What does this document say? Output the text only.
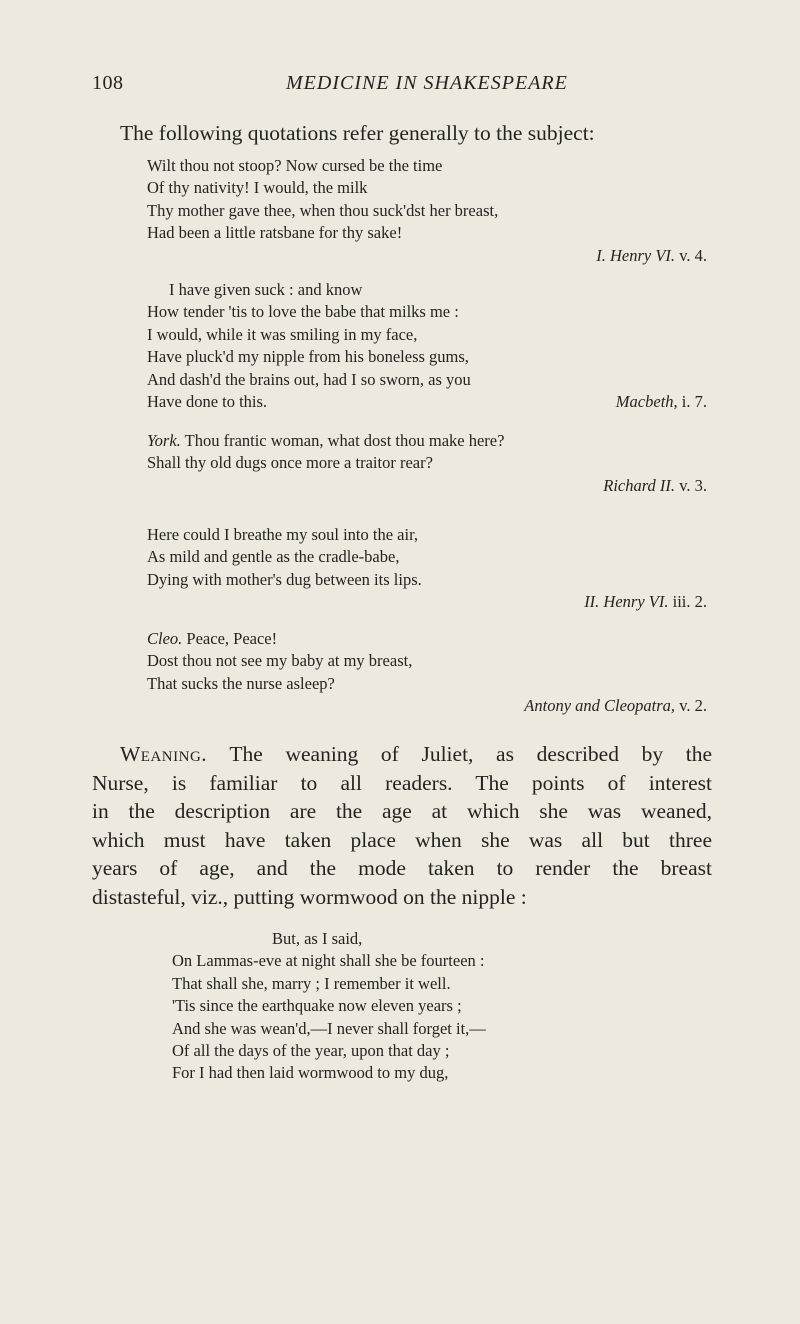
108	MEDICINE IN SHAKESPEARE
The following quotations refer generally to the subject:
Wilt thou not stoop? Now cursed be the time
Of thy nativity! I would, the milk
Thy mother gave thee, when thou suck'dst her breast,
Had been a little ratsbane for thy sake!
I. Henry VI. v. 4.
I have given suck : and know
How tender 'tis to love the babe that milks me :
I would, while it was smiling in my face,
Have pluck'd my nipple from his boneless gums,
And dash'd the brains out, had I so sworn, as you
Have done to this.	Macbeth, i. 7.
York. Thou frantic woman, what dost thou make here?
Shall thy old dugs once more a traitor rear?
Richard II. v. 3.
Here could I breathe my soul into the air,
As mild and gentle as the cradle-babe,
Dying with mother's dug between its lips.
II. Henry VI. iii. 2.
Cleo. Peace, Peace!
Dost thou not see my baby at my breast,
That sucks the nurse asleep?
Antony and Cleopatra, v. 2.
Weaning. The weaning of Juliet, as described by the
Nurse, is familiar to all readers. The points of interest
in the description are the age at which she was weaned,
which must have taken place when she was all but three
years of age, and the mode taken to render the breast
distasteful, viz., putting wormwood on the nipple :
But, as I said,
On Lammas-eve at night shall she be fourteen :
That shall she, marry ; I remember it well.
'Tis since the earthquake now eleven years ;
And she was wean'd,—I never shall forget it,—
Of all the days of the year, upon that day ;
For I had then laid wormwood to my dug,
